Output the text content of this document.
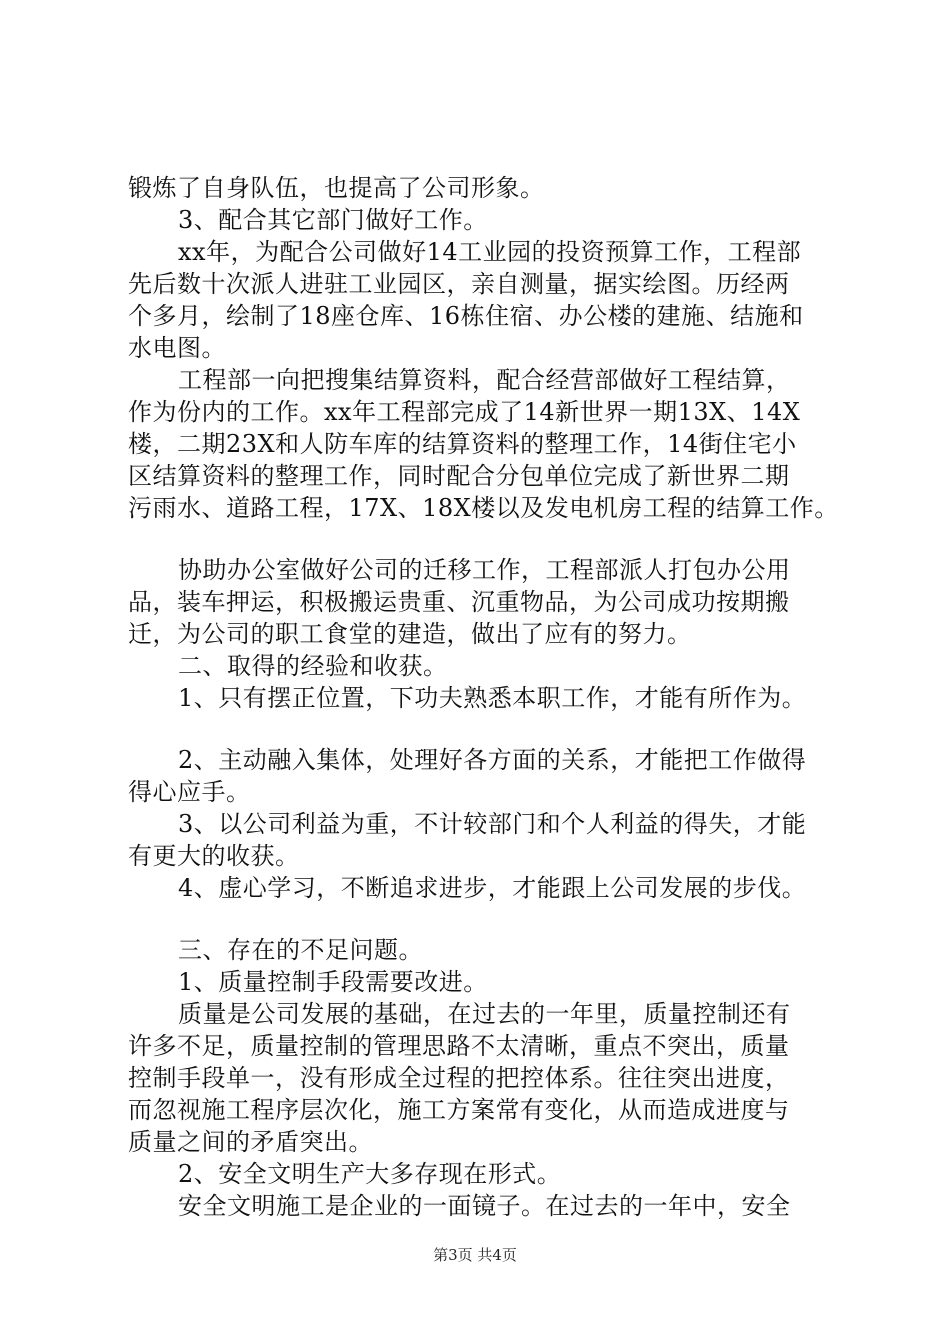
锻炼了自身队伍，也提高了公司形象。
3、配合其它部门做好工作。
xx年，为配合公司做好14工业园的投资预算工作，工程部
先后数十次派人进驻工业园区，亲自测量，据实绘图。历经两
个多月，绘制了18座仓库、16栋住宿、办公楼的建施、结施和
水电图。
工程部一向把搜集结算资料，配合经营部做好工程结算，
作为份内的工作。xx年工程部完成了14新世界一期13X、14X
楼，二期23X和人防车库的结算资料的整理工作，14街住宅小
区结算资料的整理工作，同时配合分包单位完成了新世界二期
污雨水、道路工程，17X、18X楼以及发电机房工程的结算工作。
协助办公室做好公司的迁移工作，工程部派人打包办公用
品，装车押运，积极搬运贵重、沉重物品，为公司成功按期搬
迁，为公司的职工食堂的建造，做出了应有的努力。
二、取得的经验和收获。
1、只有摆正位置，下功夫熟悉本职工作，才能有所作为。
2、主动融入集体，处理好各方面的关系，才能把工作做得
得心应手。
3、以公司利益为重，不计较部门和个人利益的得失，才能
有更大的收获。
4、虚心学习，不断追求进步，才能跟上公司发展的步伐。
三、存在的不足问题。
1、质量控制手段需要改进。
质量是公司发展的基础，在过去的一年里，质量控制还有
许多不足，质量控制的管理思路不太清晰，重点不突出，质量
控制手段单一，没有形成全过程的把控体系。往往突出进度，
而忽视施工程序层次化，施工方案常有变化，从而造成进度与
质量之间的矛盾突出。
2、安全文明生产大多存现在形式。
安全文明施工是企业的一面镜子。在过去的一年中，安全
第3页 共4页
